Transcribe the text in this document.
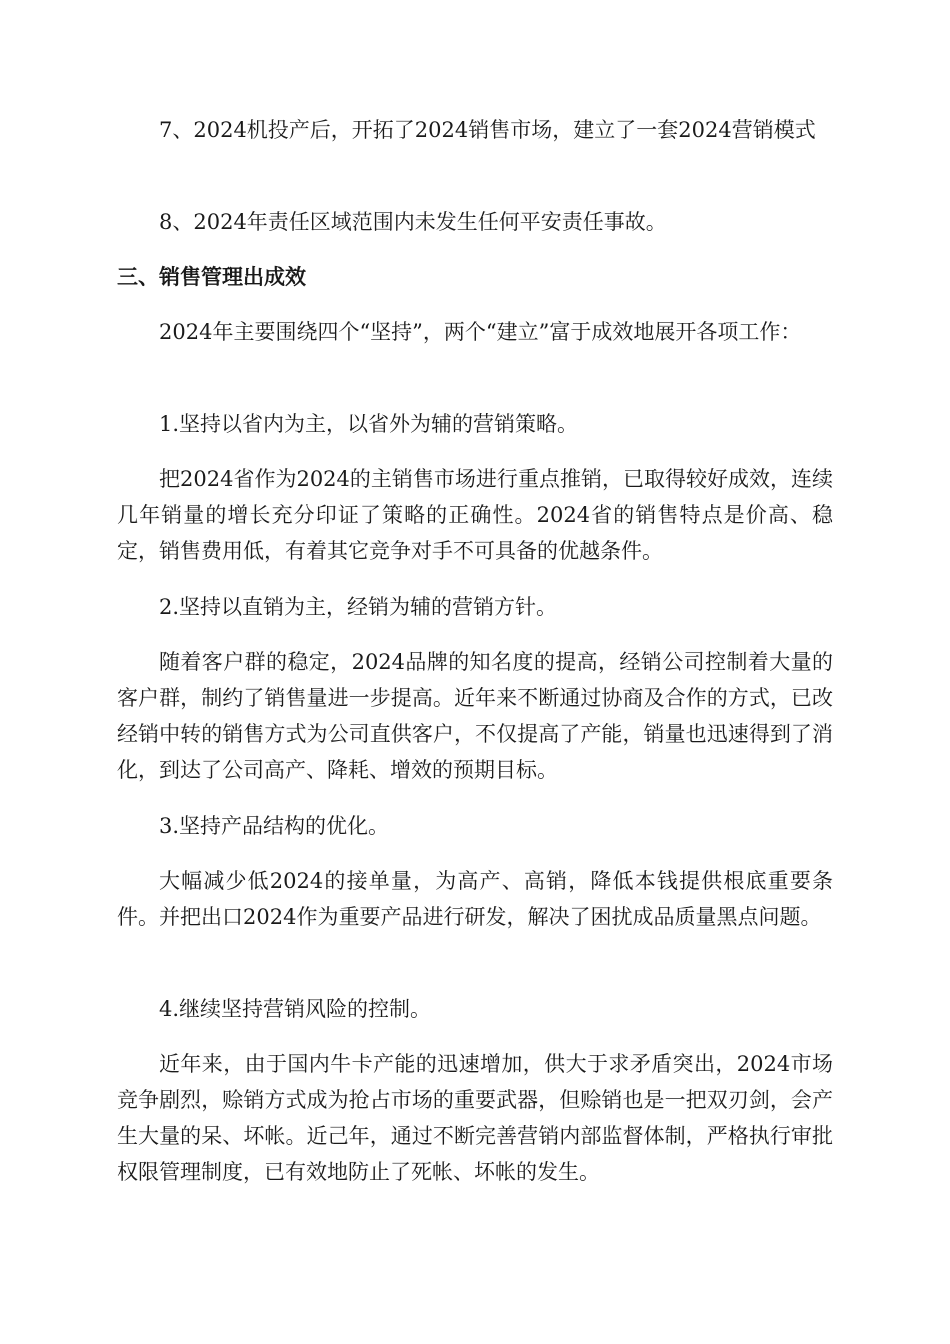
7、2024机投产后，开拓了2024销售市场，建立了一套2024营销模式

8、2024年责任区域范围内未发生任何平安责任事故。

三、销售管理出成效

2024年主要围绕四个“坚持”，两个“建立”富于成效地展开各项工作：

1.坚持以省内为主，以省外为辅的营销策略。

把2024省作为2024的主销售市场进行重点推销，已取得较好成效，连续几年销量的增长充分印证了策略的正确性。2024省的销售特点是价高、稳定，销售费用低，有着其它竞争对手不可具备的优越条件。

2.坚持以直销为主，经销为辅的营销方针。

随着客户群的稳定，2024品牌的知名度的提高，经销公司控制着大量的客户群，制约了销售量进一步提高。近年来不断通过协商及合作的方式，已改经销中转的销售方式为公司直供客户，不仅提高了产能，销量也迅速得到了消化，到达了公司高产、降耗、增效的预期目标。

3.坚持产品结构的优化。

大幅减少低2024的接单量，为高产、高销，降低本钱提供根底重要条件。并把出口2024作为重要产品进行研发，解决了困扰成品质量黑点问题。

4.继续坚持营销风险的控制。

近年来，由于国内牛卡产能的迅速增加，供大于求矛盾突出，2024市场竞争剧烈，赊销方式成为抢占市场的重要武器，但赊销也是一把双刃剑，会产生大量的呆、坏帐。近己年，通过不断完善营销内部监督体制，严格执行审批权限管理制度，已有效地防止了死帐、坏帐的发生。
